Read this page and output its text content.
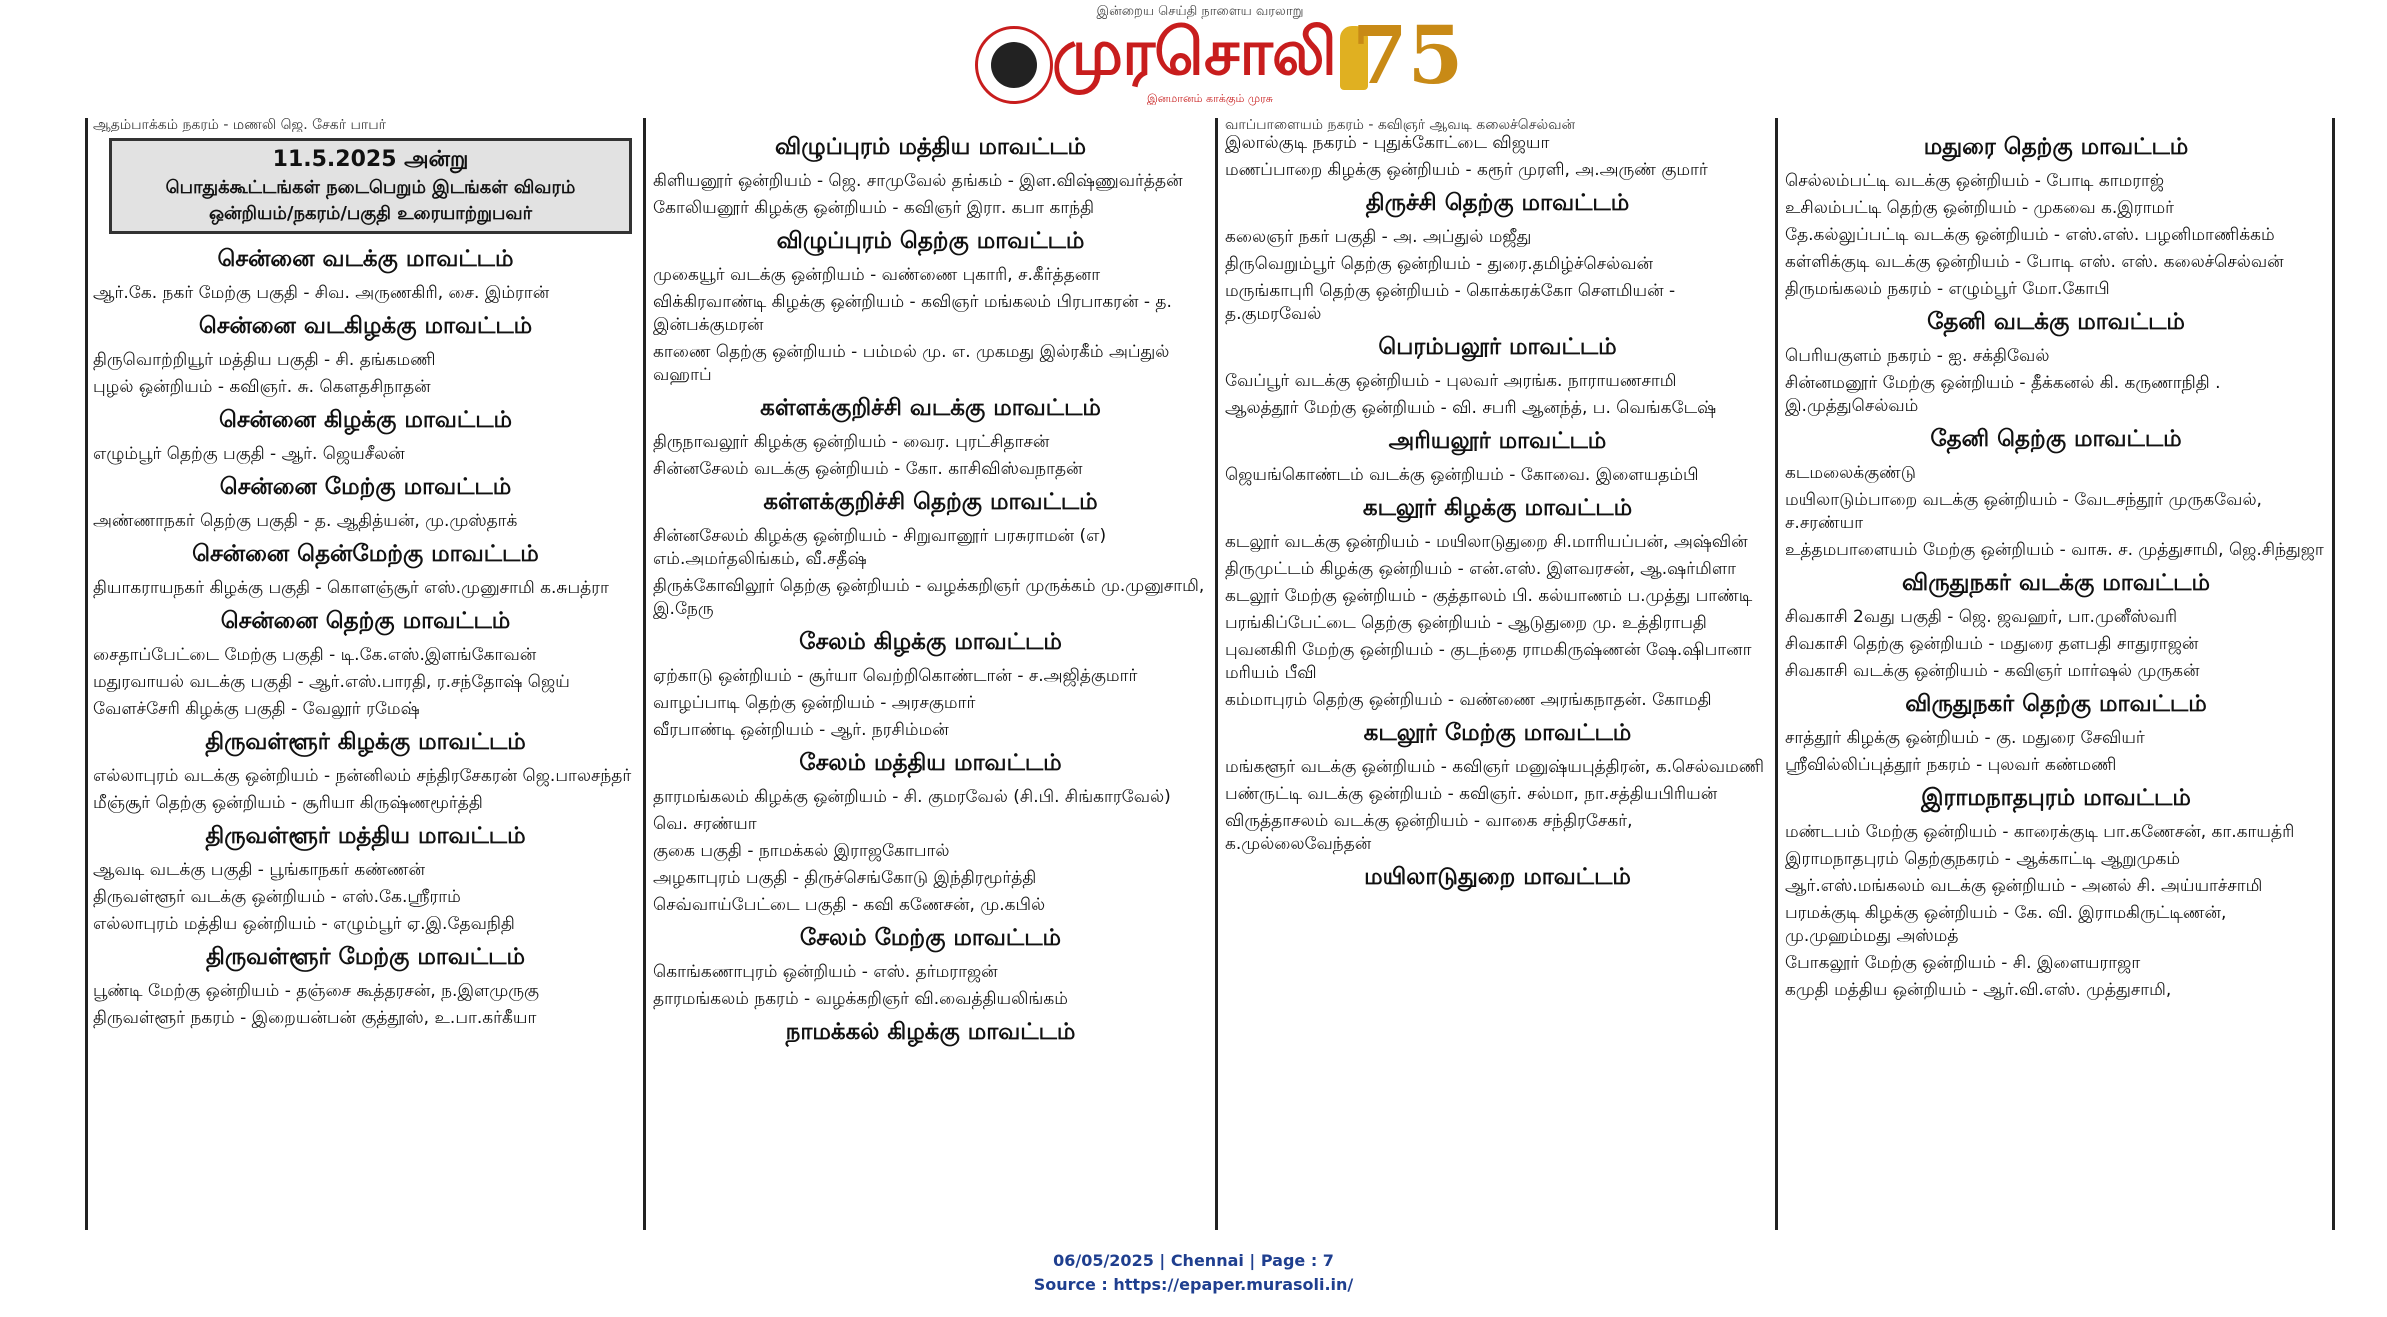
இன்றைய செய்தி நாளைய வரலாறு
முரசொலி
இனமானம் காக்கும் முரசு 75
ஆதம்பாக்கம் நகரம் - மணலி ஜெ. சேகர் பாபர்
11.5.2025 அன்று
பொதுக்கூட்டங்கள் நடைபெறும் இடங்கள் விவரம்
ஒன்றியம்/நகரம்/பகுதி உரையாற்றுபவர்
சென்னை வடக்கு மாவட்டம்
ஆர்.கே. நகர் மேற்கு பகுதி - சிவ. அருணகிரி, சை. இம்ரான்
சென்னை வடகிழக்கு மாவட்டம்
திருவொற்றியூர் மத்திய பகுதி - சி. தங்கமணி
புழல் ஒன்றியம் - கவிஞர். சு. கௌதசிநாதன்
சென்னை கிழக்கு மாவட்டம்
எழும்பூர் தெற்கு பகுதி - ஆர். ஜெயசீலன்
சென்னை மேற்கு மாவட்டம்
அண்ணாநகர் தெற்கு பகுதி - த. ஆதித்யன், மு.முஸ்தாக்
சென்னை தென்மேற்கு மாவட்டம்
தியாகராயநகர் கிழக்கு பகுதி - கொளஞ்சூர் எஸ்.முனுசாமி க.சுபத்ரா
சென்னை தெற்கு மாவட்டம்
சைதாப்பேட்டை மேற்கு பகுதி - டி.கே.எஸ்.இளங்கோவன்
மதுரவாயல் வடக்கு பகுதி - ஆர்.எஸ்.பாரதி, ர.சந்தோஷ் ஜெய்
வேளச்சேரி கிழக்கு பகுதி - வேலூர் ரமேஷ்
திருவள்ளூர் கிழக்கு மாவட்டம்
எல்லாபுரம் வடக்கு ஒன்றியம் - நன்னிலம் சந்திரசேகரன் ஜெ.பாலசந்தர்
மீஞ்சூர் தெற்கு ஒன்றியம் - சூரியா கிருஷ்ணமூர்த்தி
திருவள்ளூர் மத்திய மாவட்டம்
ஆவடி வடக்கு பகுதி - பூங்காநகர் கண்ணன்
திருவள்ளூர் வடக்கு ஒன்றியம் - எஸ்.கே.ஸ்ரீராம்
எல்லாபுரம் மத்திய ஒன்றியம் - எழும்பூர் ஏ.இ.தேவநிதி
திருவள்ளூர் மேற்கு மாவட்டம்
பூண்டி மேற்கு ஒன்றியம் - தஞ்சை கூத்தரசன், ந.இளமுருகு
திருவள்ளூர் நகரம் - இறையன்பன் குத்தூஸ், உ.பா.கர்கீயா
விழுப்புரம் மத்திய மாவட்டம்
கிளியனூர் ஒன்றியம் - ஜெ. சாமுவேல் தங்கம் - இள.விஷ்ணுவர்த்தன்
கோலியனூர் கிழக்கு ஒன்றியம் - கவிஞர் இரா. கபா காந்தி
விழுப்புரம் தெற்கு மாவட்டம்
முகையூர் வடக்கு ஒன்றியம் - வண்ணை புகாரி, ச.கீர்த்தனா
விக்கிரவாண்டி கிழக்கு ஒன்றியம் - கவிஞர் மங்கலம் பிரபாகரன் - த. இன்பக்குமரன்
காணை தெற்கு ஒன்றியம் - பம்மல் மு. எ. முகமது இல்ரகீம் அப்துல் வஹாப்
கள்ளக்குறிச்சி வடக்கு மாவட்டம்
திருநாவலூர் கிழக்கு ஒன்றியம் - வைர. புரட்சிதாசன்
சின்னசேலம் வடக்கு ஒன்றியம் - கோ. காசிவிஸ்வநாதன்
கள்ளக்குறிச்சி தெற்கு மாவட்டம்
சின்னசேலம் கிழக்கு ஒன்றியம் - சிறுவானூர் பரசுராமன் (எ) எம்.அமர்தலிங்கம், வீ.சதீஷ்
திருக்கோவிலூர் தெற்கு ஒன்றியம் - வழக்கறிஞர் முருக்கம் மு.முனுசாமி, இ.நேரு
சேலம் கிழக்கு மாவட்டம்
ஏற்காடு ஒன்றியம் - சூர்யா வெற்றிகொண்டான் - ச.அஜித்குமார்
வாழப்பாடி தெற்கு ஒன்றியம் - அரசகுமார்
வீரபாண்டி ஒன்றியம் - ஆர். நரசிம்மன்
சேலம் மத்திய மாவட்டம்
தாரமங்கலம் கிழக்கு ஒன்றியம் - சி. குமரவேல் (சி.பி. சிங்காரவேல்)
வெ. சரண்யா
குகை பகுதி - நாமக்கல் இராஜகோபால்
அழகாபுரம் பகுதி - திருச்செங்கோடு இந்திரமூர்த்தி
செவ்வாய்பேட்டை பகுதி - கவி கணேசன், மு.கபில்
சேலம் மேற்கு மாவட்டம்
கொங்கணாபுரம் ஒன்றியம் - எஸ். தர்மராஜன்
தாரமங்கலம் நகரம் - வழக்கறிஞர் வி.வைத்தியலிங்கம்
நாமக்கல் கிழக்கு மாவட்டம்
வாப்பாளையம் நகரம் - கவிஞர் ஆவடி கலைச்செல்வன்
இலால்குடி நகரம் - புதுக்கோட்டை விஜயா
மணப்பாறை கிழக்கு ஒன்றியம் - கரூர் முரளி, அ.அருண் குமார்
திருச்சி தெற்கு மாவட்டம்
கலைஞர் நகர் பகுதி - அ. அப்துல் மஜீது
திருவெறும்பூர் தெற்கு ஒன்றியம் - துரை.தமிழ்ச்செல்வன்
மருங்காபுரி தெற்கு ஒன்றியம் - கொக்கரக்கோ சௌமியன் - த.குமரவேல்
பெரம்பலூர் மாவட்டம்
வேப்பூர் வடக்கு ஒன்றியம் - புலவர் அரங்க. நாராயணசாமி
ஆலத்தூர் மேற்கு ஒன்றியம் - வி. சபரி ஆனந்த், ப. வெங்கடேஷ்
அரியலூர் மாவட்டம்
ஜெயங்கொண்டம் வடக்கு ஒன்றியம் - கோவை. இளையதம்பி
கடலூர் கிழக்கு மாவட்டம்
கடலூர் வடக்கு ஒன்றியம் - மயிலாடுதுறை சி.மாரியப்பன், அஷ்வின்
திருமுட்டம் கிழக்கு ஒன்றியம் - என்.எஸ். இளவரசன், ஆ.ஷர்மிளா
கடலூர் மேற்கு ஒன்றியம் - குத்தாலம் பி. கல்யாணம் ப.முத்து பாண்டி
பரங்கிப்பேட்டை தெற்கு ஒன்றியம் - ஆடுதுறை மு. உத்திராபதி
புவனகிரி மேற்கு ஒன்றியம் - குடந்தை ராமகிருஷ்ணன் ஷே.ஷிபானா மரியம் பீவி
கம்மாபுரம் தெற்கு ஒன்றியம் - வண்ணை அரங்கநாதன். கோமதி
கடலூர் மேற்கு மாவட்டம்
மங்களூர் வடக்கு ஒன்றியம் - கவிஞர் மனுஷ்யபுத்திரன், க.செல்வமணி
பண்ருட்டி வடக்கு ஒன்றியம் - கவிஞர். சல்மா, நா.சத்தியபிரியன்
விருத்தாசலம் வடக்கு ஒன்றியம் - வாகை சந்திரசேகர், க.முல்லைவேந்தன்
மயிலாடுதுறை மாவட்டம்
மதுரை தெற்கு மாவட்டம்
செல்லம்பட்டி வடக்கு ஒன்றியம் - போடி காமராஜ்
உசிலம்பட்டி தெற்கு ஒன்றியம் - முகவை க.இராமர்
தே.கல்லுப்பட்டி வடக்கு ஒன்றியம் - எஸ்.எஸ். பழனிமாணிக்கம்
கள்ளிக்குடி வடக்கு ஒன்றியம் - போடி எஸ். எஸ். கலைச்செல்வன்
திருமங்கலம் நகரம் - எழும்பூர் மோ.கோபி
தேனி வடக்கு மாவட்டம்
பெரியகுளம் நகரம் - ஐ. சக்திவேல்
சின்னமனூர் மேற்கு ஒன்றியம் - தீக்கனல் கி. கருணாநிதி . இ.முத்துசெல்வம்
தேனி தெற்கு மாவட்டம்
கடமலைக்குண்டு
மயிலாடும்பாறை வடக்கு ஒன்றியம் - வேடசந்தூர் முருகவேல், ச.சரண்யா
உத்தமபாளையம் மேற்கு ஒன்றியம் - வாசு. ச. முத்துசாமி, ஜெ.சிந்துஜா
விருதுநகர் வடக்கு மாவட்டம்
சிவகாசி 2வது பகுதி - ஜெ. ஜவஹர், பா.முனீஸ்வரி
சிவகாசி தெற்கு ஒன்றியம் - மதுரை தளபதி சாதுராஜன்
சிவகாசி வடக்கு ஒன்றியம் - கவிஞர் மார்ஷல் முருகன்
விருதுநகர் தெற்கு மாவட்டம்
சாத்தூர் கிழக்கு ஒன்றியம் - கு. மதுரை சேவியர்
ஸ்ரீவில்லிப்புத்தூர் நகரம் - புலவர் கண்மணி
இராமநாதபுரம் மாவட்டம்
மண்டபம் மேற்கு ஒன்றியம் - காரைக்குடி பா.கணேசன், கா.காயத்ரி
இராமநாதபுரம் தெற்குநகரம் - ஆக்காட்டி ஆறுமுகம்
ஆர்.எஸ்.மங்கலம் வடக்கு ஒன்றியம் - அனல் சி. அய்யாச்சாமி
பரமக்குடி கிழக்கு ஒன்றியம் - கே. வி. இராமகிருட்டிணன், மு.முஹம்மது அஸ்மத்
போகலூர் மேற்கு ஒன்றியம் - சி. இளையராஜா
கமுதி மத்திய ஒன்றியம் - ஆர்.வி.எஸ். முத்துசாமி,
06/05/2025 | Chennai | Page : 7
Source : https://epaper.murasoli.in/
